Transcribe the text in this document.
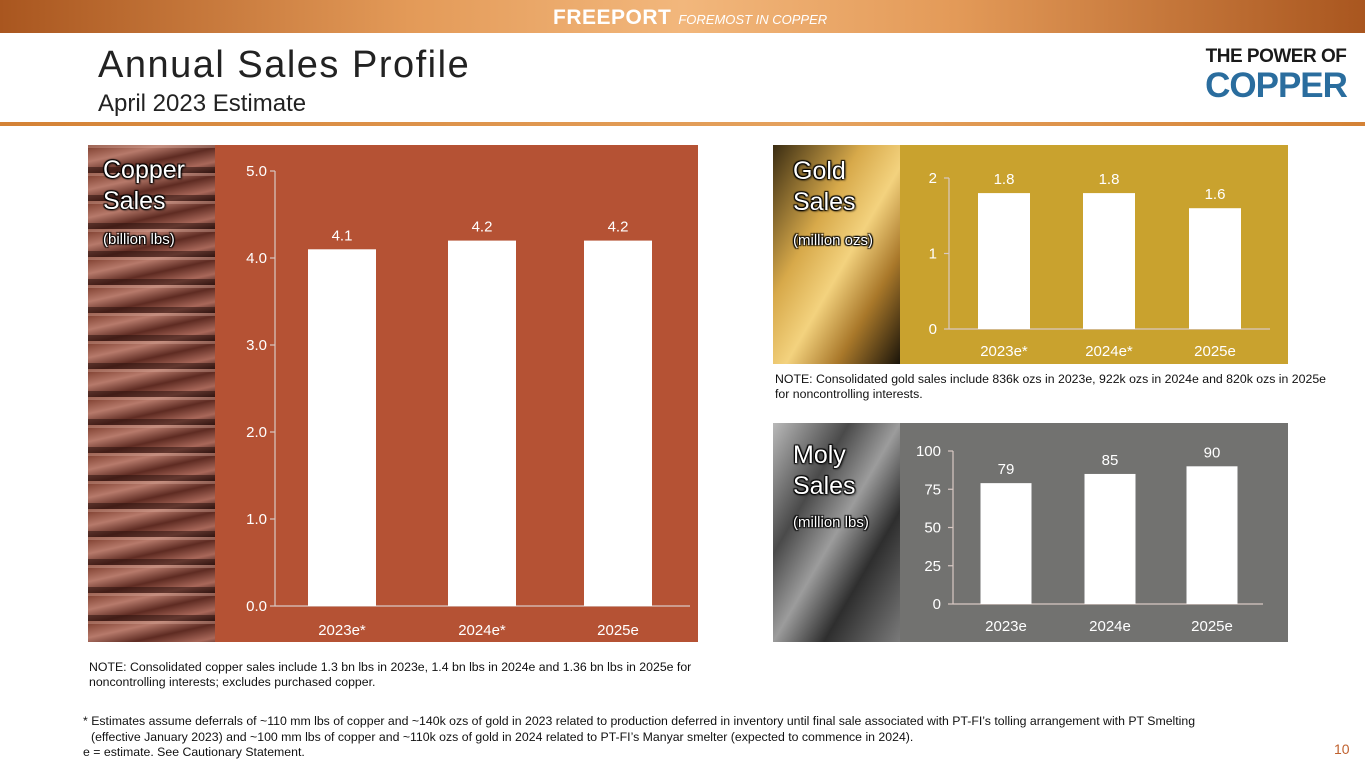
FREEPORT FOREMOST IN COPPER
Annual Sales Profile
April 2023 Estimate
THE POWER OF
COPPER
0.0
1.0
2.0
3.0
4.0
5.0
4.1
2023e*
4.2
2024e*
4.2
2025e
Copper
Sales
(billion lbs)
0
1
2	1.8
2023e*
1.8
2024e*
1.6
2025e
Gold
Sales
(million ozs)
NOTE: Consolidated gold sales include 836k ozs in 2023e, 922k ozs in 2024e and 820k ozs in 2025e for noncontrolling interests.
0
25
50
75
100
79
2023e
85
2024e
90
2025e
Moly
Sales
(million lbs)
NOTE: Consolidated copper sales include 1.3 bn lbs in 2023e, 1.4 bn lbs in 2024e and 1.36 bn lbs in 2025e for noncontrolling interests; excludes purchased copper.
* Estimates assume deferrals of ~110 mm lbs of copper and ~140k ozs of gold in 2023 related to production deferred in inventory until final sale associated with PT-FI’s tolling arrangement with PT Smelting
(effective January 2023) and ~100 mm lbs of copper and ~110k ozs of gold in 2024 related to PT-FI’s Manyar smelter (expected to commence in 2024).
e = estimate. See Cautionary Statement.	10
